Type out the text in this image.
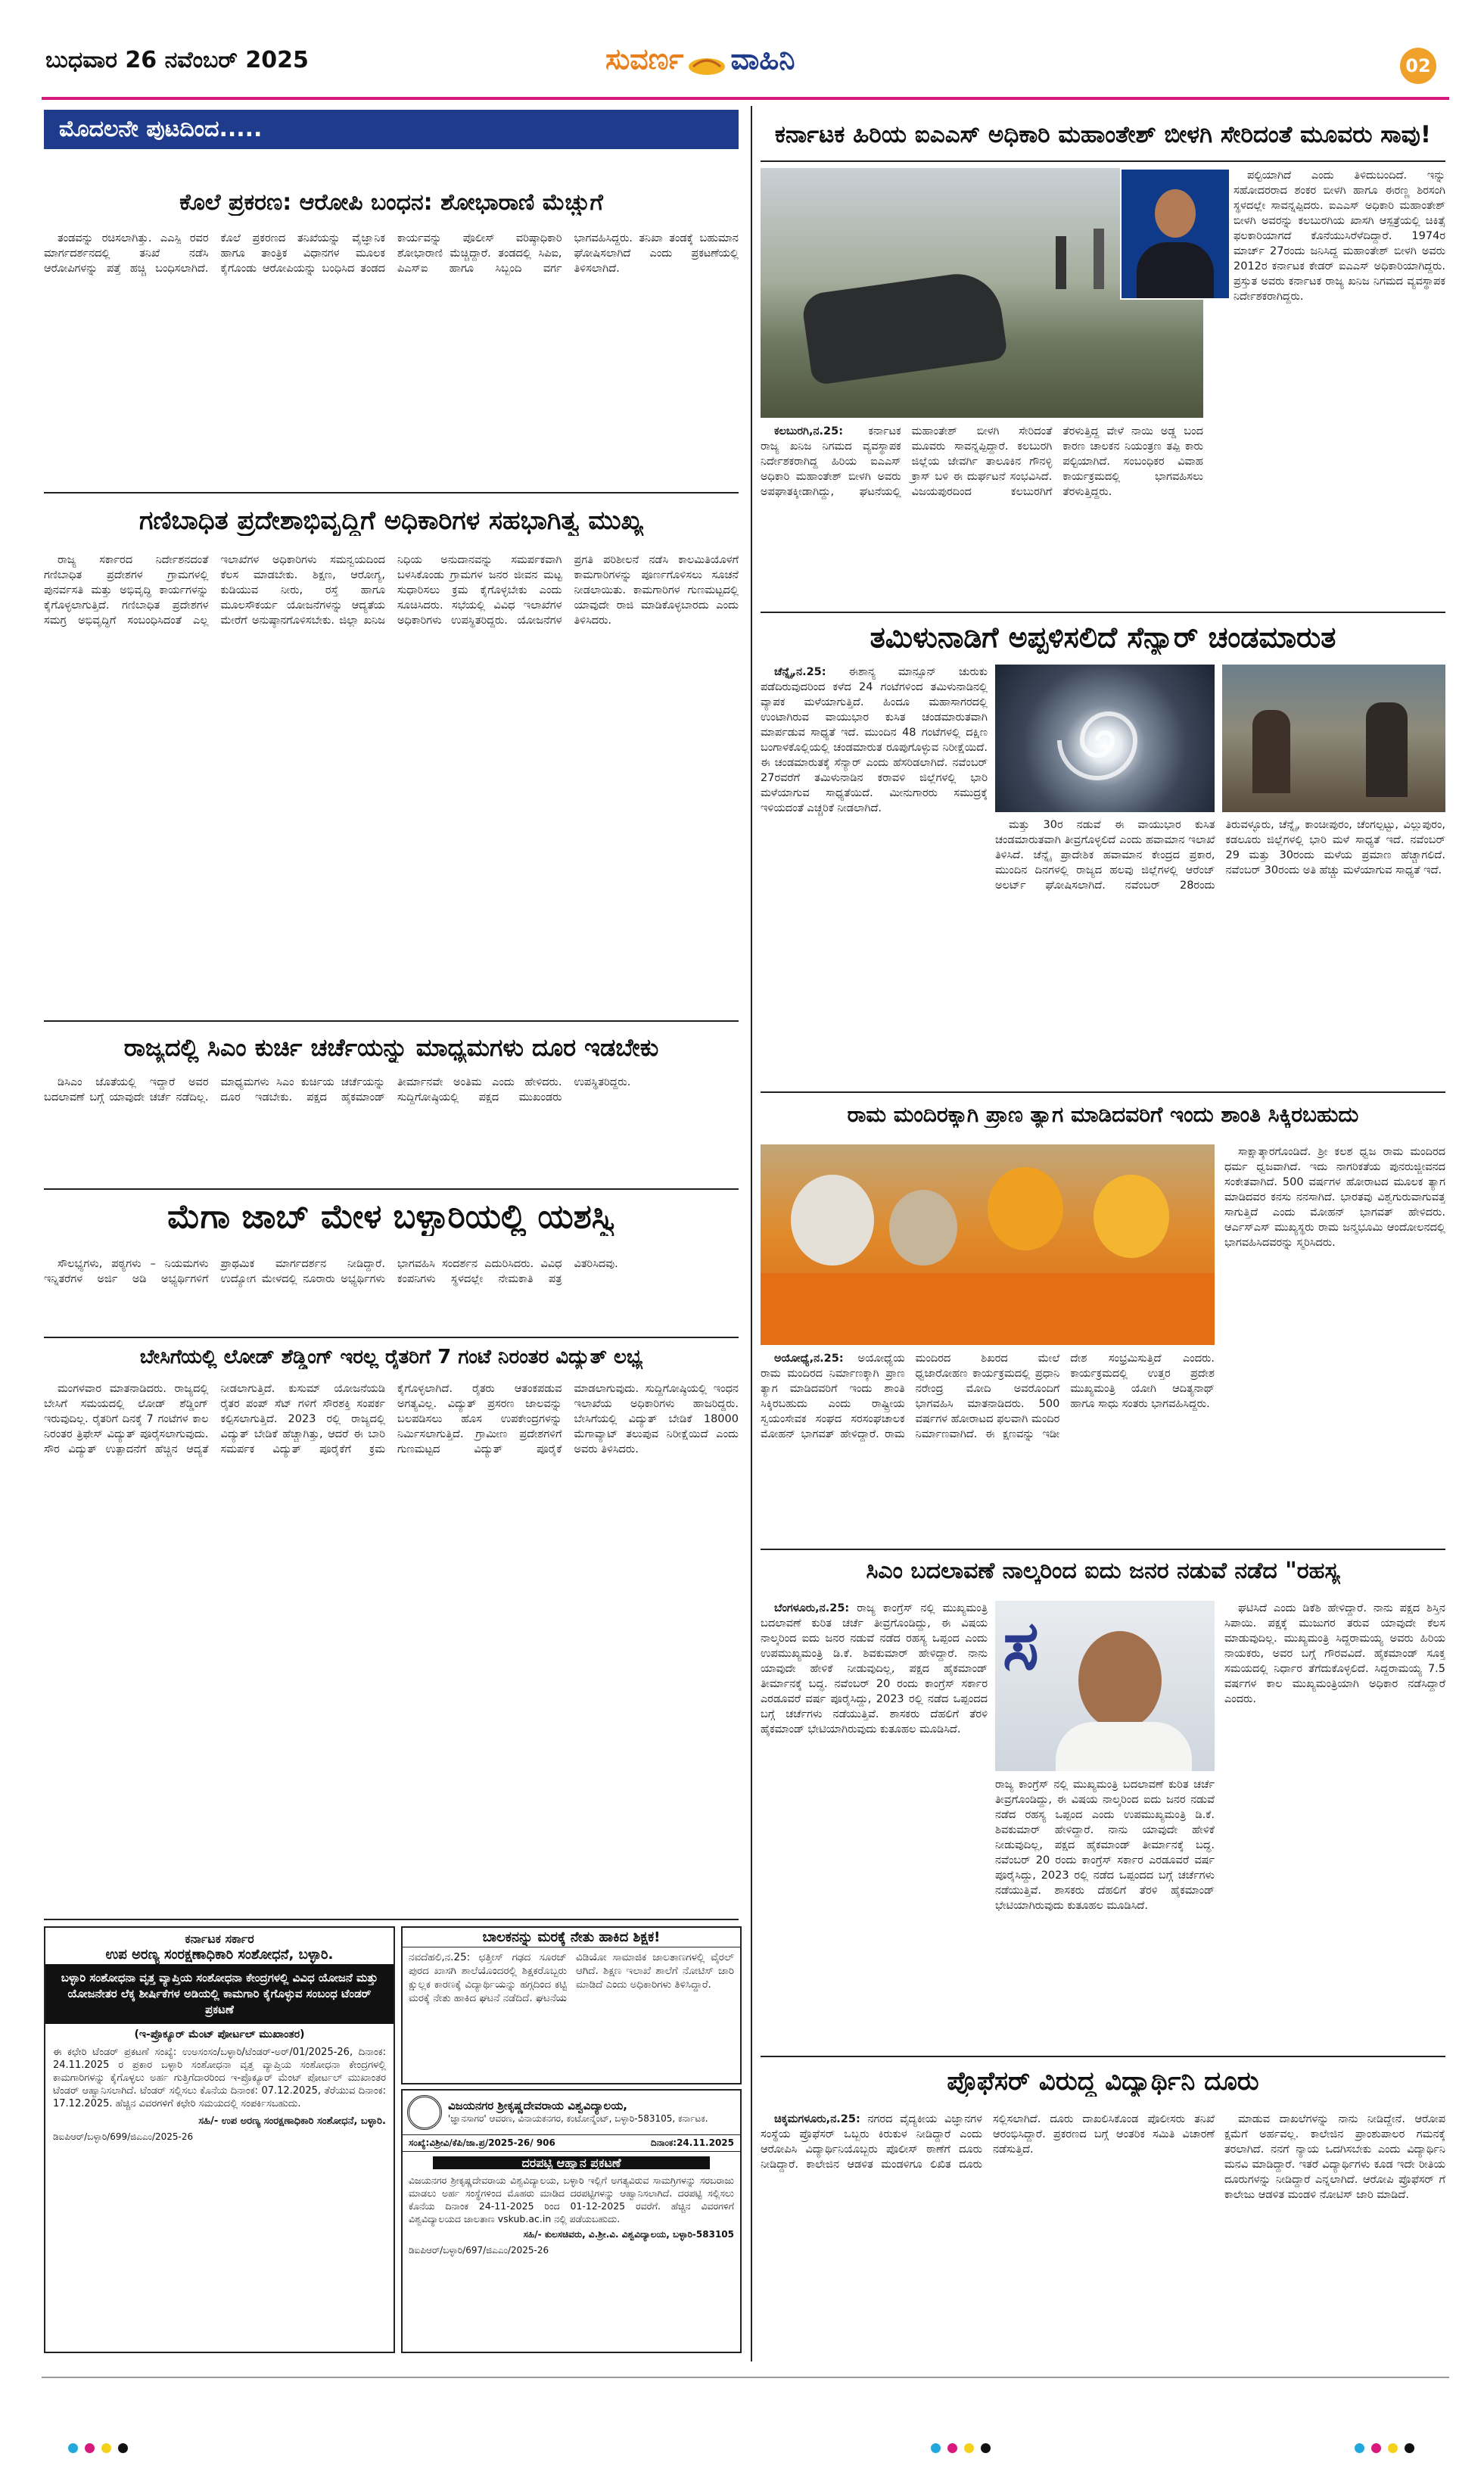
ಬುಧವಾರ 26 ನವೆಂಬರ್ 2025	ಸುವರ್ಣ ವಾಹಿನಿ	02
ಮೊದಲನೇ ಪುಟದಿಂದ.....
ಕೊಲೆ ಪ್ರಕರಣ: ಆರೋಪಿ ಬಂಧನ: ಶೋಭಾರಾಣಿ ಮೆಚ್ಚುಗೆ

ತಂಡವನ್ನು ರಚಿಸಲಾಗಿತ್ತು. ಎಎಸ್ಪಿ ರವರ ಮಾರ್ಗದರ್ಶನದಲ್ಲಿ ತನಿಖೆ ನಡೆಸಿ ಆರೋಪಿಗಳನ್ನು ಪತ್ತೆ ಹಚ್ಚಿ ಬಂಧಿಸಲಾಗಿದೆ. ಕೊಲೆ ಪ್ರಕರಣದ ತನಿಖೆಯನ್ನು ವೈಜ್ಞಾನಿಕ ಹಾಗೂ ತಾಂತ್ರಿಕ ವಿಧಾನಗಳ ಮೂಲಕ ಕೈಗೊಂಡು ಆರೋಪಿಯನ್ನು ಬಂಧಿಸಿದ ತಂಡದ ಕಾರ್ಯವನ್ನು ಪೊಲೀಸ್ ವರಿಷ್ಠಾಧಿಕಾರಿ ಶೋಭಾರಾಣಿ ಮೆಚ್ಚಿದ್ದಾರೆ. ತಂಡದಲ್ಲಿ ಸಿಪಿಐ, ಪಿಎಸ್ಐ ಹಾಗೂ ಸಿಬ್ಬಂದಿ ವರ್ಗ ಭಾಗವಹಿಸಿದ್ದರು. ತನಿಖಾ ತಂಡಕ್ಕೆ ಬಹುಮಾನ ಘೋಷಿಸಲಾಗಿದೆ ಎಂದು ಪ್ರಕಟಣೆಯಲ್ಲಿ ತಿಳಿಸಲಾಗಿದೆ.

ಗಣಿಬಾಧಿತ ಪ್ರದೇಶಾಭಿವೃದ್ಧಿಗೆ ಅಧಿಕಾರಿಗಳ ಸಹಭಾಗಿತ್ವ ಮುಖ್ಯ

ರಾಜ್ಯ ಸರ್ಕಾರದ ನಿರ್ದೇಶನದಂತೆ ಗಣಿಬಾಧಿತ ಪ್ರದೇಶಗಳ ಗ್ರಾಮಗಳಲ್ಲಿ ಪುನರ್ವಸತಿ ಮತ್ತು ಅಭಿವೃದ್ಧಿ ಕಾರ್ಯಗಳನ್ನು ಕೈಗೊಳ್ಳಲಾಗುತ್ತಿದೆ. ಗಣಿಬಾಧಿತ ಪ್ರದೇಶಗಳ ಸಮಗ್ರ ಅಭಿವೃದ್ಧಿಗೆ ಸಂಬಂಧಿಸಿದಂತೆ ಎಲ್ಲ ಇಲಾಖೆಗಳ ಅಧಿಕಾರಿಗಳು ಸಮನ್ವಯದಿಂದ ಕೆಲಸ ಮಾಡಬೇಕು. ಶಿಕ್ಷಣ, ಆರೋಗ್ಯ, ಕುಡಿಯುವ ನೀರು, ರಸ್ತೆ ಹಾಗೂ ಮೂಲಸೌಕರ್ಯ ಯೋಜನೆಗಳನ್ನು ಆದ್ಯತೆಯ ಮೇರೆಗೆ ಅನುಷ್ಠಾನಗೊಳಿಸಬೇಕು. ಜಿಲ್ಲಾ ಖನಿಜ ನಿಧಿಯ ಅನುದಾನವನ್ನು ಸಮರ್ಪಕವಾಗಿ ಬಳಸಿಕೊಂಡು ಗ್ರಾಮಗಳ ಜನರ ಜೀವನ ಮಟ್ಟ ಸುಧಾರಿಸಲು ಕ್ರಮ ಕೈಗೊಳ್ಳಬೇಕು ಎಂದು ಸೂಚಿಸಿದರು. ಸಭೆಯಲ್ಲಿ ವಿವಿಧ ಇಲಾಖೆಗಳ ಅಧಿಕಾರಿಗಳು ಉಪಸ್ಥಿತರಿದ್ದರು. ಯೋಜನೆಗಳ ಪ್ರಗತಿ ಪರಿಶೀಲನೆ ನಡೆಸಿ ಕಾಲಮಿತಿಯೊಳಗೆ ಕಾಮಗಾರಿಗಳನ್ನು ಪೂರ್ಣಗೊಳಿಸಲು ಸೂಚನೆ ನೀಡಲಾಯಿತು. ಕಾಮಗಾರಿಗಳ ಗುಣಮಟ್ಟದಲ್ಲಿ ಯಾವುದೇ ರಾಜಿ ಮಾಡಿಕೊಳ್ಳಬಾರದು ಎಂದು ತಿಳಿಸಿದರು.

ರಾಜ್ಯದಲ್ಲಿ ಸಿಎಂ ಕುರ್ಚಿ ಚರ್ಚೆಯನ್ನು ಮಾಧ್ಯಮಗಳು ದೂರ ಇಡಬೇಕು

ಡಿಸಿಎಂ ಜೊತೆಯಲ್ಲಿ ಇದ್ದಾರೆ ಅವರ ಬದಲಾವಣೆ ಬಗ್ಗೆ ಯಾವುದೇ ಚರ್ಚೆ ನಡೆದಿಲ್ಲ. ಮಾಧ್ಯಮಗಳು ಸಿಎಂ ಕುರ್ಚಿಯ ಚರ್ಚೆಯನ್ನು ದೂರ ಇಡಬೇಕು. ಪಕ್ಷದ ಹೈಕಮಾಂಡ್ ತೀರ್ಮಾನವೇ ಅಂತಿಮ ಎಂದು ಹೇಳಿದರು. ಸುದ್ದಿಗೋಷ್ಠಿಯಲ್ಲಿ ಪಕ್ಷದ ಮುಖಂಡರು ಉಪಸ್ಥಿತರಿದ್ದರು.

ಮೆಗಾ ಜಾಬ್ ಮೇಳ ಬಳ್ಳಾರಿಯಲ್ಲಿ ಯಶಸ್ವಿ

ಸೌಲಭ್ಯಗಳು, ಪಠ್ಯಗಳು – ನಿಯಮಗಳು ಇನ್ನಿತರೆಗಳ ಅರ್ಜಿ ಅಡಿ ಅಭ್ಯರ್ಥಿಗಳಿಗೆ ಪ್ರಾಥಮಿಕ ಮಾರ್ಗದರ್ಶನ ನೀಡಿದ್ದಾರೆ. ಉದ್ಯೋಗ ಮೇಳದಲ್ಲಿ ನೂರಾರು ಅಭ್ಯರ್ಥಿಗಳು ಭಾಗವಹಿಸಿ ಸಂದರ್ಶನ ಎದುರಿಸಿದರು. ವಿವಿಧ ಕಂಪನಿಗಳು ಸ್ಥಳದಲ್ಲೇ ನೇಮಕಾತಿ ಪತ್ರ ವಿತರಿಸಿದವು.

ಬೇಸಿಗೆಯಲ್ಲಿ ಲೋಡ್ ಶೆಡ್ಡಿಂಗ್ ಇರಲ್ಲ ರೈತರಿಗೆ 7 ಗಂಟೆ ನಿರಂತರ ವಿದ್ಯುತ್ ಲಭ್ಯ

ಮಂಗಳವಾರ ಮಾತನಾಡಿದರು. ರಾಜ್ಯದಲ್ಲಿ ಬೇಸಿಗೆ ಸಮಯದಲ್ಲಿ ಲೋಡ್ ಶೆಡ್ಡಿಂಗ್ ಇರುವುದಿಲ್ಲ. ರೈತರಿಗೆ ದಿನಕ್ಕೆ 7 ಗಂಟೆಗಳ ಕಾಲ ನಿರಂತರ ತ್ರಿಫೇಸ್ ವಿದ್ಯುತ್ ಪೂರೈಸಲಾಗುವುದು. ಸೌರ ವಿದ್ಯುತ್ ಉತ್ಪಾದನೆಗೆ ಹೆಚ್ಚಿನ ಆದ್ಯತೆ ನೀಡಲಾಗುತ್ತಿದೆ. ಕುಸುಮ್ ಯೋಜನೆಯಡಿ ರೈತರ ಪಂಪ್ ಸೆಟ್ ಗಳಿಗೆ ಸೌರಶಕ್ತಿ ಸಂಪರ್ಕ ಕಲ್ಪಿಸಲಾಗುತ್ತಿದೆ. 2023 ರಲ್ಲಿ ರಾಜ್ಯದಲ್ಲಿ ವಿದ್ಯುತ್ ಬೇಡಿಕೆ ಹೆಚ್ಚಾಗಿತ್ತು, ಆದರೆ ಈ ಬಾರಿ ಸಮರ್ಪಕ ವಿದ್ಯುತ್ ಪೂರೈಕೆಗೆ ಕ್ರಮ ಕೈಗೊಳ್ಳಲಾಗಿದೆ. ರೈತರು ಆತಂಕಪಡುವ ಅಗತ್ಯವಿಲ್ಲ. ವಿದ್ಯುತ್ ಪ್ರಸರಣ ಜಾಲವನ್ನು ಬಲಪಡಿಸಲು ಹೊಸ ಉಪಕೇಂದ್ರಗಳನ್ನು ನಿರ್ಮಿಸಲಾಗುತ್ತಿದೆ. ಗ್ರಾಮೀಣ ಪ್ರದೇಶಗಳಿಗೆ ಗುಣಮಟ್ಟದ ವಿದ್ಯುತ್ ಪೂರೈಕೆ ಮಾಡಲಾಗುವುದು. ಸುದ್ದಿಗೋಷ್ಠಿಯಲ್ಲಿ ಇಂಧನ ಇಲಾಖೆಯ ಅಧಿಕಾರಿಗಳು ಹಾಜರಿದ್ದರು. ಬೇಸಿಗೆಯಲ್ಲಿ ವಿದ್ಯುತ್ ಬೇಡಿಕೆ 18000 ಮೆಗಾವ್ಯಾಟ್ ತಲುಪುವ ನಿರೀಕ್ಷೆಯಿದೆ ಎಂದು ಅವರು ತಿಳಿಸಿದರು.

ಕರ್ನಾಟಕ ಸರ್ಕಾರ
ಉಪ ಅರಣ್ಯ ಸಂರಕ್ಷಣಾಧಿಕಾರಿ ಸಂಶೋಧನೆ, ಬಳ್ಳಾರಿ.
ಬಳ್ಳಾರಿ ಸಂಶೋಧನಾ ವೃತ್ತ ವ್ಯಾಪ್ತಿಯ ಸಂಶೋಧನಾ ಕೇಂದ್ರಗಳಲ್ಲಿ ವಿವಿಧ ಯೋಜನೆ ಮತ್ತು ಯೋಜನೇತರ ಲೆಕ್ಕ ಶೀರ್ಷಿಕೆಗಳ ಅಡಿಯಲ್ಲಿ ಕಾಮಗಾರಿ ಕೈಗೊಳ್ಳುವ ಸಂಬಂಧ ಟೆಂಡರ್ ಪ್ರಕಟಣೆ
(ಇ-ಪ್ರೊಕ್ಯೂರ್ ಮೆಂಟ್ ಪೋರ್ಟಲ್ ಮುಖಾಂತರ)
ಈ ಕಛೇರಿ ಟೆಂಡರ್ ಪ್ರಕಟಣೆ ಸಂಖ್ಯೆ: ಉಅಸಂಸಂ/ಬಳ್ಳಾರಿ/ಟೆಂಡರ್-ಅರ್/01/2025-26, ದಿನಾಂಕ: 24.11.2025 ರ ಪ್ರಕಾರ ಬಳ್ಳಾರಿ ಸಂಶೋಧನಾ ವೃತ್ತ ವ್ಯಾಪ್ತಿಯ ಸಂಶೋಧನಾ ಕೇಂದ್ರಗಳಲ್ಲಿ ಕಾಮಗಾರಿಗಳನ್ನು ಕೈಗೊಳ್ಳಲು ಅರ್ಹ ಗುತ್ತಿಗೆದಾರರಿಂದ ಇ-ಪ್ರೊಕ್ಯೂರ್ ಮೆಂಟ್ ಪೋರ್ಟಲ್ ಮುಖಾಂತರ ಟೆಂಡರ್ ಆಹ್ವಾನಿಸಲಾಗಿದೆ. ಟೆಂಡರ್ ಸಲ್ಲಿಸಲು ಕೊನೆಯ ದಿನಾಂಕ: 07.12.2025, ತೆರೆಯುವ ದಿನಾಂಕ: 17.12.2025. ಹೆಚ್ಚಿನ ವಿವರಗಳಿಗೆ ಕಛೇರಿ ಸಮಯದಲ್ಲಿ ಸಂಪರ್ಕಿಸಬಹುದು.
ಸಹಿ/- ಉಪ ಅರಣ್ಯ ಸಂರಕ್ಷಣಾಧಿಕಾರಿ ಸಂಶೋಧನೆ, ಬಳ್ಳಾರಿ.
ಡಿಐಪಿಆರ್/ಬಳ್ಳಾರಿ/699/ಜಿಎಎಂ/2025-26
ಬಾಲಕನನ್ನು ಮರಕ್ಕೆ ನೇತು ಹಾಕಿದ ಶಿಕ್ಷಕ!
ನವದೆಹಲಿ,ನ.25: ಛತ್ತೀಸ್ ಗಢದ ಸೂರಜ್ ಪುರದ ಖಾಸಗಿ ಶಾಲೆಯೊಂದರಲ್ಲಿ ಶಿಕ್ಷಕರೊಬ್ಬರು ಕ್ಷುಲ್ಲಕ ಕಾರಣಕ್ಕೆ ವಿದ್ಯಾರ್ಥಿಯನ್ನು ಹಗ್ಗದಿಂದ ಕಟ್ಟಿ ಮರಕ್ಕೆ ನೇತು ಹಾಕಿದ ಘಟನೆ ನಡೆದಿದೆ. ಘಟನೆಯ ವಿಡಿಯೋ ಸಾಮಾಜಿಕ ಜಾಲತಾಣಗಳಲ್ಲಿ ವೈರಲ್ ಆಗಿದೆ. ಶಿಕ್ಷಣ ಇಲಾಖೆ ಶಾಲೆಗೆ ನೋಟಿಸ್ ಜಾರಿ ಮಾಡಿದೆ ಎಂದು ಅಧಿಕಾರಿಗಳು ತಿಳಿಸಿದ್ದಾರೆ.
ವಿಜಯನಗರ ಶ್ರೀಕೃಷ್ಣದೇವರಾಯ ವಿಶ್ವವಿದ್ಯಾಲಯ,
'ಜ್ಞಾನಸಾಗರ' ಆವರಣ, ವಿನಾಯಕನಗರ, ಕಂಟೋನ್ಮೆಂಟ್, ಬಳ್ಳಾರಿ-583105, ಕರ್ನಾಟಕ.
ಸಂಖ್ಯೆ:ವಿಶ್ರೀವಿ/ಕೆಪಿ/ಜಾ.ಪ್ರ/2025-26/ 906	ದಿನಾಂಕ:24.11.2025
ದರಪಟ್ಟಿ ಆಹ್ವಾನ ಪ್ರಕಟಣೆ
ವಿಜಯನಗರ ಶ್ರೀಕೃಷ್ಣದೇವರಾಯ ವಿಶ್ವವಿದ್ಯಾಲಯ, ಬಳ್ಳಾರಿ ಇಲ್ಲಿಗೆ ಅಗತ್ಯವಿರುವ ಸಾಮಗ್ರಿಗಳನ್ನು ಸರಬರಾಜು ಮಾಡಲು ಅರ್ಹ ಸಂಸ್ಥೆಗಳಿಂದ ಮೊಹರು ಮಾಡಿದ ದರಪಟ್ಟಿಗಳನ್ನು ಆಹ್ವಾನಿಸಲಾಗಿದೆ. ದರಪಟ್ಟಿ ಸಲ್ಲಿಸಲು ಕೊನೆಯ ದಿನಾಂಕ 24-11-2025 ರಿಂದ 01-12-2025 ರವರೆಗೆ. ಹೆಚ್ಚಿನ ವಿವರಗಳಿಗೆ ವಿಶ್ವವಿದ್ಯಾಲಯದ ಜಾಲತಾಣ vskub.ac.in ನಲ್ಲಿ ಪಡೆಯಬಹುದು.
ಸಹಿ/- ಕುಲಸಚಿವರು, ವಿ.ಶ್ರೀ.ವಿ. ವಿಶ್ವವಿದ್ಯಾಲಯ, ಬಳ್ಳಾರಿ-583105
ಡಿಐಪಿಆರ್/ಬಳ್ಳಾರಿ/697/ಜಿಎಎಂ/2025-26
ಕರ್ನಾಟಕ ಹಿರಿಯ ಐಎಎಸ್ ಅಧಿಕಾರಿ ಮಹಾಂತೇಶ್ ಬೀಳಗಿ ಸೇರಿದಂತೆ ಮೂವರು ಸಾವು!

ಕಲಬುರಗಿ,ನ.25: ಕರ್ನಾಟಕ ರಾಜ್ಯ ಖನಿಜ ನಿಗಮದ ವ್ಯವಸ್ಥಾಪಕ ನಿರ್ದೇಶಕರಾಗಿದ್ದ ಹಿರಿಯ ಐಎಎಸ್ ಅಧಿಕಾರಿ ಮಹಾಂತೇಶ್ ಬೀಳಗಿ ಅವರು ಅಪಘಾತಕ್ಕೀಡಾಗಿದ್ದು, ಘಟನೆಯಲ್ಲಿ ಮಹಾಂತೇಶ್ ಬೀಳಗಿ ಸೇರಿದಂತೆ ಮೂವರು ಸಾವನ್ನಪ್ಪಿದ್ದಾರೆ. ಕಲಬುರಗಿ ಜಿಲ್ಲೆಯ ಜೇವರ್ಗಿ ತಾಲೂಕಿನ ಗೌನಳ್ಳಿ ಕ್ರಾಸ್ ಬಳಿ ಈ ದುರ್ಘಟನೆ ಸಂಭವಿಸಿದೆ. ವಿಜಯಪುರದಿಂದ ಕಲಬುರಗಿಗೆ ತೆರಳುತ್ತಿದ್ದ ವೇಳೆ ನಾಯಿ ಅಡ್ಡ ಬಂದ ಕಾರಣ ಚಾಲಕನ ನಿಯಂತ್ರಣ ತಪ್ಪಿ ಕಾರು ಪಲ್ಟಿಯಾಗಿದೆ. ಸಂಬಂಧಿಕರ ವಿವಾಹ ಕಾರ್ಯಕ್ರಮದಲ್ಲಿ ಭಾಗವಹಿಸಲು ತೆರಳುತ್ತಿದ್ದರು.

ಪಲ್ಟಿಯಾಗಿದೆ ಎಂದು ತಿಳಿದುಬಂದಿದೆ. ಇನ್ನು ಸಹೋದರರಾದ ಶಂಕರ ಬೀಳಗಿ ಹಾಗೂ ಈರಣ್ಣ ಶಿರಸಂಗಿ ಸ್ಥಳದಲ್ಲೇ ಸಾವನ್ನಪ್ಪಿದರು. ಐಎಎಸ್ ಅಧಿಕಾರಿ ಮಹಾಂತೇಶ್ ಬೀಳಗಿ ಅವರನ್ನು ಕಲಬುರಗಿಯ ಖಾಸಗಿ ಆಸ್ಪತ್ರೆಯಲ್ಲಿ ಚಿಕಿತ್ಸೆ ಫಲಕಾರಿಯಾಗದೆ ಕೊನೆಯುಸಿರೆಳೆದಿದ್ದಾರೆ. 1974ರ ಮಾರ್ಚ್ 27ರಂದು ಜನಿಸಿದ್ದ ಮಹಾಂತೇಶ್ ಬೀಳಗಿ ಅವರು 2012ರ ಕರ್ನಾಟಕ ಕೇಡರ್ ಐಎಎಸ್ ಅಧಿಕಾರಿಯಾಗಿದ್ದರು. ಪ್ರಸ್ತುತ ಅವರು ಕರ್ನಾಟಕ ರಾಜ್ಯ ಖನಿಜ ನಿಗಮದ ವ್ಯವಸ್ಥಾಪಕ ನಿರ್ದೇಶಕರಾಗಿದ್ದರು.

ತಮಿಳುನಾಡಿಗೆ ಅಪ್ಪಳಿಸಲಿದೆ ಸೆನ್ಯಾರ್ ಚಂಡಮಾರುತ

ಚೆನ್ನೈ,ನ.25: ಈಶಾನ್ಯ ಮಾನ್ಸೂನ್ ಚುರುಕು ಪಡೆದಿರುವುದರಿಂದ ಕಳೆದ 24 ಗಂಟೆಗಳಿಂದ ತಮಿಳುನಾಡಿನಲ್ಲಿ ವ್ಯಾಪಕ ಮಳೆಯಾಗುತ್ತಿದೆ. ಹಿಂದೂ ಮಹಾಸಾಗರದಲ್ಲಿ ಉಂಟಾಗಿರುವ ವಾಯುಭಾರ ಕುಸಿತ ಚಂಡಮಾರುತವಾಗಿ ಮಾರ್ಪಡುವ ಸಾಧ್ಯತೆ ಇದೆ. ಮುಂದಿನ 48 ಗಂಟೆಗಳಲ್ಲಿ ದಕ್ಷಿಣ ಬಂಗಾಳಕೊಲ್ಲಿಯಲ್ಲಿ ಚಂಡಮಾರುತ ರೂಪುಗೊಳ್ಳುವ ನಿರೀಕ್ಷೆಯಿದೆ. ಈ ಚಂಡಮಾರುತಕ್ಕೆ ಸೆನ್ಯಾರ್ ಎಂದು ಹೆಸರಿಡಲಾಗಿದೆ. ನವೆಂಬರ್ 27ರವರೆಗೆ ತಮಿಳುನಾಡಿನ ಕರಾವಳಿ ಜಿಲ್ಲೆಗಳಲ್ಲಿ ಭಾರಿ ಮಳೆಯಾಗುವ ಸಾಧ್ಯತೆಯಿದೆ. ಮೀನುಗಾರರು ಸಮುದ್ರಕ್ಕೆ ಇಳಿಯದಂತೆ ಎಚ್ಚರಿಕೆ ನೀಡಲಾಗಿದೆ.

ಮತ್ತು 30ರ ನಡುವೆ ಈ ವಾಯುಭಾರ ಕುಸಿತ ಚಂಡಮಾರುತವಾಗಿ ತೀವ್ರಗೊಳ್ಳಲಿದೆ ಎಂದು ಹವಾಮಾನ ಇಲಾಖೆ ತಿಳಿಸಿದೆ. ಚೆನ್ನೈ ಪ್ರಾದೇಶಿಕ ಹವಾಮಾನ ಕೇಂದ್ರದ ಪ್ರಕಾರ, ಮುಂದಿನ ದಿನಗಳಲ್ಲಿ ರಾಜ್ಯದ ಹಲವು ಜಿಲ್ಲೆಗಳಲ್ಲಿ ಆರೆಂಜ್ ಅಲರ್ಟ್ ಘೋಷಿಸಲಾಗಿದೆ. ನವೆಂಬರ್ 28ರಂದು ತಿರುವಳ್ಳೂರು, ಚೆನ್ನೈ, ಕಾಂಚೀಪುರಂ, ಚೆಂಗಲ್ಪಟ್ಟು, ವಿಲ್ಲುಪುರಂ, ಕಡಲೂರು ಜಿಲ್ಲೆಗಳಲ್ಲಿ ಭಾರಿ ಮಳೆ ಸಾಧ್ಯತೆ ಇದೆ. ನವೆಂಬರ್ 29 ಮತ್ತು 30ರಂದು ಮಳೆಯ ಪ್ರಮಾಣ ಹೆಚ್ಚಾಗಲಿದೆ. ನವೆಂಬರ್ 30ರಂದು ಅತಿ ಹೆಚ್ಚು ಮಳೆಯಾಗುವ ಸಾಧ್ಯತೆ ಇದೆ.

ರಾಮ ಮಂದಿರಕ್ಕಾಗಿ ಪ್ರಾಣ ತ್ಯಾಗ ಮಾಡಿದವರಿಗೆ ಇಂದು ಶಾಂತಿ ಸಿಕ್ಕಿರಬಹುದು

ಅಯೋಧ್ಯೆ,ನ.25: ಅಯೋಧ್ಯೆಯ ರಾಮ ಮಂದಿರದ ನಿರ್ಮಾಣಕ್ಕಾಗಿ ಪ್ರಾಣ ತ್ಯಾಗ ಮಾಡಿದವರಿಗೆ ಇಂದು ಶಾಂತಿ ಸಿಕ್ಕಿರಬಹುದು ಎಂದು ರಾಷ್ಟ್ರೀಯ ಸ್ವಯಂಸೇವಕ ಸಂಘದ ಸರಸಂಘಚಾಲಕ ಮೋಹನ್ ಭಾಗವತ್ ಹೇಳಿದ್ದಾರೆ. ರಾಮ ಮಂದಿರದ ಶಿಖರದ ಮೇಲೆ ಧ್ವಜಾರೋಹಣ ಕಾರ್ಯಕ್ರಮದಲ್ಲಿ ಪ್ರಧಾನಿ ನರೇಂದ್ರ ಮೋದಿ ಅವರೊಂದಿಗೆ ಭಾಗವಹಿಸಿ ಮಾತನಾಡಿದರು. 500 ವರ್ಷಗಳ ಹೋರಾಟದ ಫಲವಾಗಿ ಮಂದಿರ ನಿರ್ಮಾಣವಾಗಿದೆ. ಈ ಕ್ಷಣವನ್ನು ಇಡೀ ದೇಶ ಸಂಭ್ರಮಿಸುತ್ತಿದೆ ಎಂದರು. ಕಾರ್ಯಕ್ರಮದಲ್ಲಿ ಉತ್ತರ ಪ್ರದೇಶ ಮುಖ್ಯಮಂತ್ರಿ ಯೋಗಿ ಆದಿತ್ಯನಾಥ್ ಹಾಗೂ ಸಾಧು ಸಂತರು ಭಾಗವಹಿಸಿದ್ದರು.

ಸಾಕ್ಷಾತ್ಕಾರಗೊಂಡಿದೆ. ಶ್ರೀ ಕಲಶ ಧ್ವಜ ರಾಮ ಮಂದಿರದ ಧರ್ಮ ಧ್ವಜವಾಗಿದೆ. ಇದು ನಾಗರಿಕತೆಯ ಪುನರುಜ್ಜೀವನದ ಸಂಕೇತವಾಗಿದೆ. 500 ವರ್ಷಗಳ ಹೋರಾಟದ ಮೂಲಕ ತ್ಯಾಗ ಮಾಡಿದವರ ಕನಸು ನನಸಾಗಿದೆ. ಭಾರತವು ವಿಶ್ವಗುರುವಾಗುವತ್ತ ಸಾಗುತ್ತಿದೆ ಎಂದು ಮೋಹನ್ ಭಾಗವತ್ ಹೇಳಿದರು. ಆರ್ಎಸ್ಎಸ್ ಮುಖ್ಯಸ್ಥರು ರಾಮ ಜನ್ಮಭೂಮಿ ಆಂದೋಲನದಲ್ಲಿ ಭಾಗವಹಿಸಿದವರನ್ನು ಸ್ಮರಿಸಿದರು.

ಸಿಎಂ ಬದಲಾವಣೆ ನಾಲ್ಕರಿಂದ ಐದು ಜನರ ನಡುವೆ ನಡೆದ "ರಹಸ್ಯ

ಬೆಂಗಳೂರು,ನ.25: ರಾಜ್ಯ ಕಾಂಗ್ರೆಸ್ ನಲ್ಲಿ ಮುಖ್ಯಮಂತ್ರಿ ಬದಲಾವಣೆ ಕುರಿತ ಚರ್ಚೆ ತೀವ್ರಗೊಂಡಿದ್ದು, ಈ ವಿಷಯ ನಾಲ್ಕರಿಂದ ಐದು ಜನರ ನಡುವೆ ನಡೆದ ರಹಸ್ಯ ಒಪ್ಪಂದ ಎಂದು ಉಪಮುಖ್ಯಮಂತ್ರಿ ಡಿ.ಕೆ. ಶಿವಕುಮಾರ್ ಹೇಳಿದ್ದಾರೆ. ನಾನು ಯಾವುದೇ ಹೇಳಿಕೆ ನೀಡುವುದಿಲ್ಲ, ಪಕ್ಷದ ಹೈಕಮಾಂಡ್ ತೀರ್ಮಾನಕ್ಕೆ ಬದ್ಧ. ನವೆಂಬರ್ 20 ರಂದು ಕಾಂಗ್ರೆಸ್ ಸರ್ಕಾರ ಎರಡೂವರೆ ವರ್ಷ ಪೂರೈಸಿದ್ದು, 2023 ರಲ್ಲಿ ನಡೆದ ಒಪ್ಪಂದದ ಬಗ್ಗೆ ಚರ್ಚೆಗಳು ನಡೆಯುತ್ತಿವೆ. ಶಾಸಕರು ದೆಹಲಿಗೆ ತೆರಳಿ ಹೈಕಮಾಂಡ್ ಭೇಟಿಯಾಗಿರುವುದು ಕುತೂಹಲ ಮೂಡಿಸಿದೆ.

ಸ

ರಾಜ್ಯ ಕಾಂಗ್ರೆಸ್ ನಲ್ಲಿ ಮುಖ್ಯಮಂತ್ರಿ ಬದಲಾವಣೆ ಕುರಿತ ಚರ್ಚೆ ತೀವ್ರಗೊಂಡಿದ್ದು, ಈ ವಿಷಯ ನಾಲ್ಕರಿಂದ ಐದು ಜನರ ನಡುವೆ ನಡೆದ ರಹಸ್ಯ ಒಪ್ಪಂದ ಎಂದು ಉಪಮುಖ್ಯಮಂತ್ರಿ ಡಿ.ಕೆ. ಶಿವಕುಮಾರ್ ಹೇಳಿದ್ದಾರೆ. ನಾನು ಯಾವುದೇ ಹೇಳಿಕೆ ನೀಡುವುದಿಲ್ಲ, ಪಕ್ಷದ ಹೈಕಮಾಂಡ್ ತೀರ್ಮಾನಕ್ಕೆ ಬದ್ಧ. ನವೆಂಬರ್ 20 ರಂದು ಕಾಂಗ್ರೆಸ್ ಸರ್ಕಾರ ಎರಡೂವರೆ ವರ್ಷ ಪೂರೈಸಿದ್ದು, 2023 ರಲ್ಲಿ ನಡೆದ ಒಪ್ಪಂದದ ಬಗ್ಗೆ ಚರ್ಚೆಗಳು ನಡೆಯುತ್ತಿವೆ. ಶಾಸಕರು ದೆಹಲಿಗೆ ತೆರಳಿ ಹೈಕಮಾಂಡ್ ಭೇಟಿಯಾಗಿರುವುದು ಕುತೂಹಲ ಮೂಡಿಸಿದೆ.

ಘಟಿಸಿದೆ ಎಂದು ಡಿಕೆಶಿ ಹೇಳಿದ್ದಾರೆ. ನಾನು ಪಕ್ಷದ ಶಿಸ್ತಿನ ಸಿಪಾಯಿ. ಪಕ್ಷಕ್ಕೆ ಮುಜುಗರ ತರುವ ಯಾವುದೇ ಕೆಲಸ ಮಾಡುವುದಿಲ್ಲ. ಮುಖ್ಯಮಂತ್ರಿ ಸಿದ್ದರಾಮಯ್ಯ ಅವರು ಹಿರಿಯ ನಾಯಕರು, ಅವರ ಬಗ್ಗೆ ಗೌರವವಿದೆ. ಹೈಕಮಾಂಡ್ ಸೂಕ್ತ ಸಮಯದಲ್ಲಿ ನಿರ್ಧಾರ ತೆಗೆದುಕೊಳ್ಳಲಿದೆ. ಸಿದ್ದರಾಮಯ್ಯ 7.5 ವರ್ಷಗಳ ಕಾಲ ಮುಖ್ಯಮಂತ್ರಿಯಾಗಿ ಅಧಿಕಾರ ನಡೆಸಿದ್ದಾರೆ ಎಂದರು.

ಪ್ರೊಫೆಸರ್ ವಿರುದ್ಧ ವಿದ್ಯಾರ್ಥಿನಿ ದೂರು

ಚಿಕ್ಕಮಗಳೂರು,ನ.25: ನಗರದ ವೈದ್ಯಕೀಯ ವಿಜ್ಞಾನಗಳ ಸಂಸ್ಥೆಯ ಪ್ರೊಫೆಸರ್ ಒಬ್ಬರು ಕಿರುಕುಳ ನೀಡಿದ್ದಾರೆ ಎಂದು ಆರೋಪಿಸಿ ವಿದ್ಯಾರ್ಥಿನಿಯೊಬ್ಬರು ಪೊಲೀಸ್ ಠಾಣೆಗೆ ದೂರು ನೀಡಿದ್ದಾರೆ. ಕಾಲೇಜಿನ ಆಡಳಿತ ಮಂಡಳಿಗೂ ಲಿಖಿತ ದೂರು ಸಲ್ಲಿಸಲಾಗಿದೆ. ದೂರು ದಾಖಲಿಸಿಕೊಂಡ ಪೊಲೀಸರು ತನಿಖೆ ಆರಂಭಿಸಿದ್ದಾರೆ. ಪ್ರಕರಣದ ಬಗ್ಗೆ ಆಂತರಿಕ ಸಮಿತಿ ವಿಚಾರಣೆ ನಡೆಸುತ್ತಿದೆ.

ಮಾಡುವ ದಾಖಲೆಗಳನ್ನು ನಾನು ನೀಡಿದ್ದೇನೆ. ಆರೋಪ ಕ್ಷಮೆಗೆ ಅರ್ಹವಲ್ಲ. ಕಾಲೇಜಿನ ಪ್ರಾಂಶುಪಾಲರ ಗಮನಕ್ಕೆ ತರಲಾಗಿದೆ. ನನಗೆ ನ್ಯಾಯ ಒದಗಿಸಬೇಕು ಎಂದು ವಿದ್ಯಾರ್ಥಿನಿ ಮನವಿ ಮಾಡಿದ್ದಾರೆ. ಇತರೆ ವಿದ್ಯಾರ್ಥಿಗಳು ಕೂಡ ಇದೇ ರೀತಿಯ ದೂರುಗಳನ್ನು ನೀಡಿದ್ದಾರೆ ಎನ್ನಲಾಗಿದೆ. ಆರೋಪಿ ಪ್ರೊಫೆಸರ್ ಗೆ ಕಾಲೇಜು ಆಡಳಿತ ಮಂಡಳಿ ನೋಟಿಸ್ ಜಾರಿ ಮಾಡಿದೆ.
